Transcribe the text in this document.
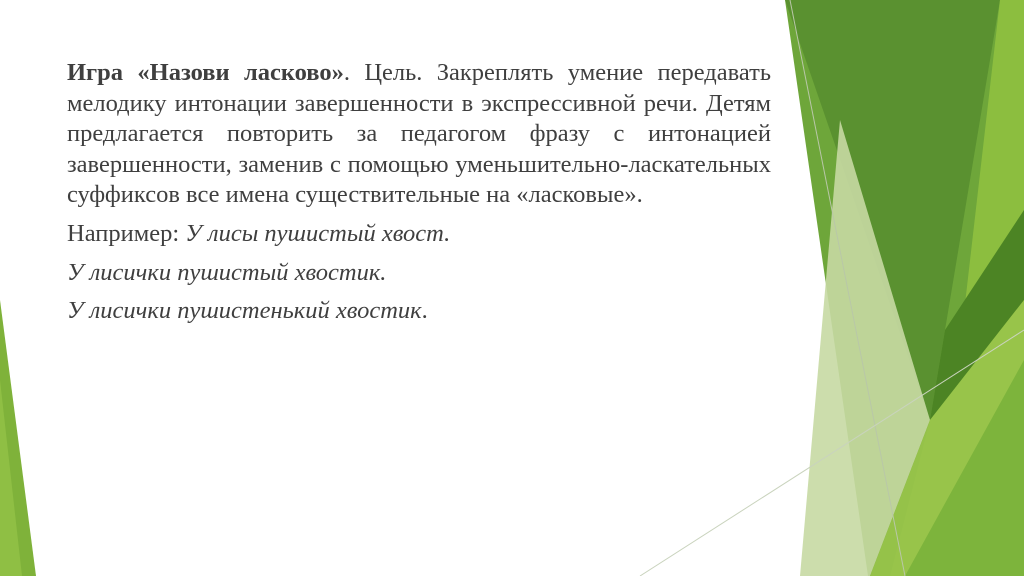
Игра «Назови ласково». Цель. Закреплять умение передавать мелодику интонации завершенности в экспрессивной речи. Детям предлагается повторить за педагогом фразу с интонацией завершенности, заменив с помощью уменьшительно-ласкательных суффиксов все имена существительные на «ласковые».

Например: У лисы пушистый хвост.

У лисички пушистый хвостик.

У лисички пушистенький хвостик.
